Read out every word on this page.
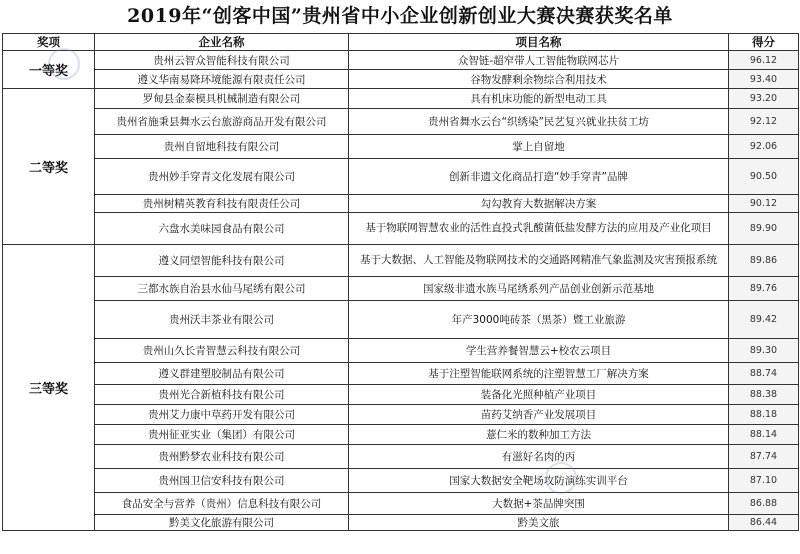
2019年“创客中国”贵州省中小企业创新创业大赛决赛获奖名单
奖项	企业名称	项目名称	得分
一等奖	贵州云智众智能科技有限公司	众智链-超窄带人工智能物联网芯片	96.12
	遵义华南易降环境能源有限责任公司	谷物发酵剩余物综合利用技术	93.40
二等奖	罗甸县金泰模具机械制造有限公司	具有机床功能的新型电动工具	93.20
	贵州省施秉县舞水云台旅游商品开发有限公司	贵州省舞水云台“织绣染”民艺复兴就业扶贫工坊	92.12
	贵州自留地科技有限公司	掌上自留地	92.06
	贵州妙手穿青文化发展有限公司	创新非遗文化商品打造“妙手穿青”品牌	90.50
	贵州树精英教育科技有限责任公司	勾勾教育大数据解决方案	90.12
	六盘水美味园食品有限公司	基于物联网智慧农业的活性直投式乳酸菌低盐发酵方法的应用及产业化项目	89.90
三等奖	遵义同望智能科技有限公司	基于大数据、人工智能及物联网技术的交通路网精准气象监测及灾害预报系统	89.86
	三都水族自治县水仙马尾绣有限公司	国家级非遗水族马尾绣系列产品创业创新示范基地	89.76
	贵州沃丰茶业有限公司	年产3000吨砖茶（黑茶）暨工业旅游	89.42
	贵州山久长青智慧云科技有限公司	学生营养餐智慧云+校农云项目	89.30
	遵义群建塑胶制品有限公司	基于注塑智能联网系统的注塑智慧工厂解决方案	88.74
	贵州光合新植科技有限公司	装备化光照种植产业项目	88.38
	贵州艾力康中草药开发有限公司	苗药艾纳香产业发展项目	88.18
	贵州征亚实业（集团）有限公司	薏仁米的数种加工方法	88.14
	贵州黔梦农业科技有限公司	有滋好名肉的丙	87.74
	贵州国卫信安科技有限公司	国家大数据安全靶场攻防演练实训平台	87.10
	食品安全与营养（贵州）信息科技有限公司	大数据+茶品牌突围	86.88
	黔美文化旅游有限公司	黔美文旅	86.44
